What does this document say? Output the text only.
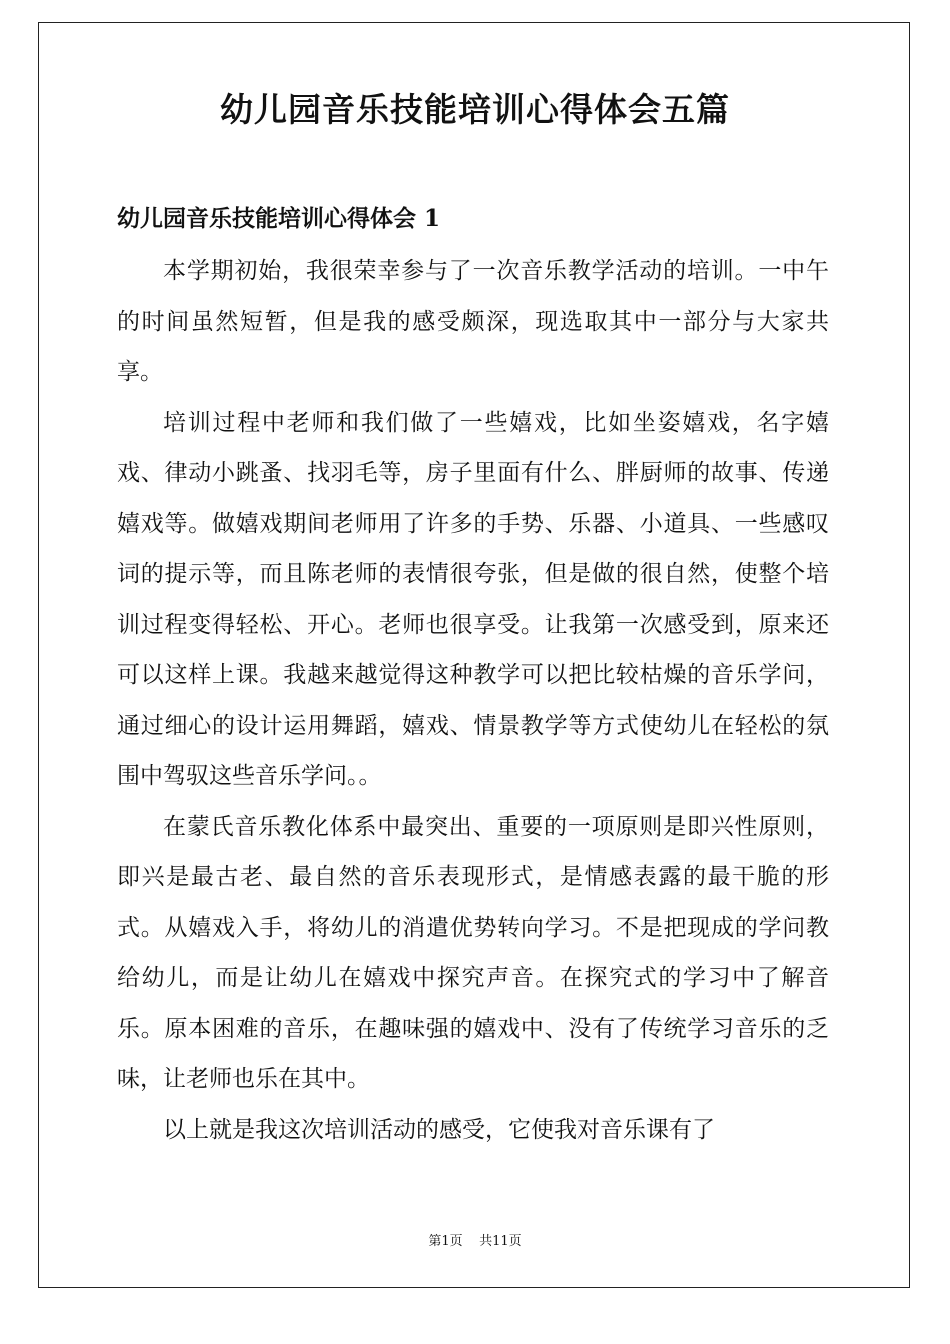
幼儿园音乐技能培训心得体会五篇
幼儿园音乐技能培训心得体会 1

本学期初始，我很荣幸参与了一次音乐教学活动的培训。一中午的时间虽然短暂，但是我的感受颇深，现选取其中一部分与大家共享。

培训过程中老师和我们做了一些嬉戏，比如坐姿嬉戏，名字嬉戏、律动小跳蚤、找羽毛等，房子里面有什么、胖厨师的故事、传递嬉戏等。做嬉戏期间老师用了许多的手势、乐器、小道具、一些感叹词的提示等，而且陈老师的表情很夸张，但是做的很自然，使整个培训过程变得轻松、开心。老师也很享受。让我第一次感受到，原来还可以这样上课。我越来越觉得这种教学可以把比较枯燥的音乐学问，通过细心的设计运用舞蹈，嬉戏、情景教学等方式使幼儿在轻松的氛围中驾驭这些音乐学问。。

在蒙氏音乐教化体系中最突出、重要的一项原则是即兴性原则，即兴是最古老、最自然的音乐表现形式，是情感表露的最干脆的形式。从嬉戏入手，将幼儿的消遣优势转向学习。不是把现成的学问教给幼儿，而是让幼儿在嬉戏中探究声音。在探究式的学习中了解音乐。原本困难的音乐，在趣味强的嬉戏中、没有了传统学习音乐的乏味，让老师也乐在其中。

以上就是我这次培训活动的感受，它使我对音乐课有了

第1页    共11页
